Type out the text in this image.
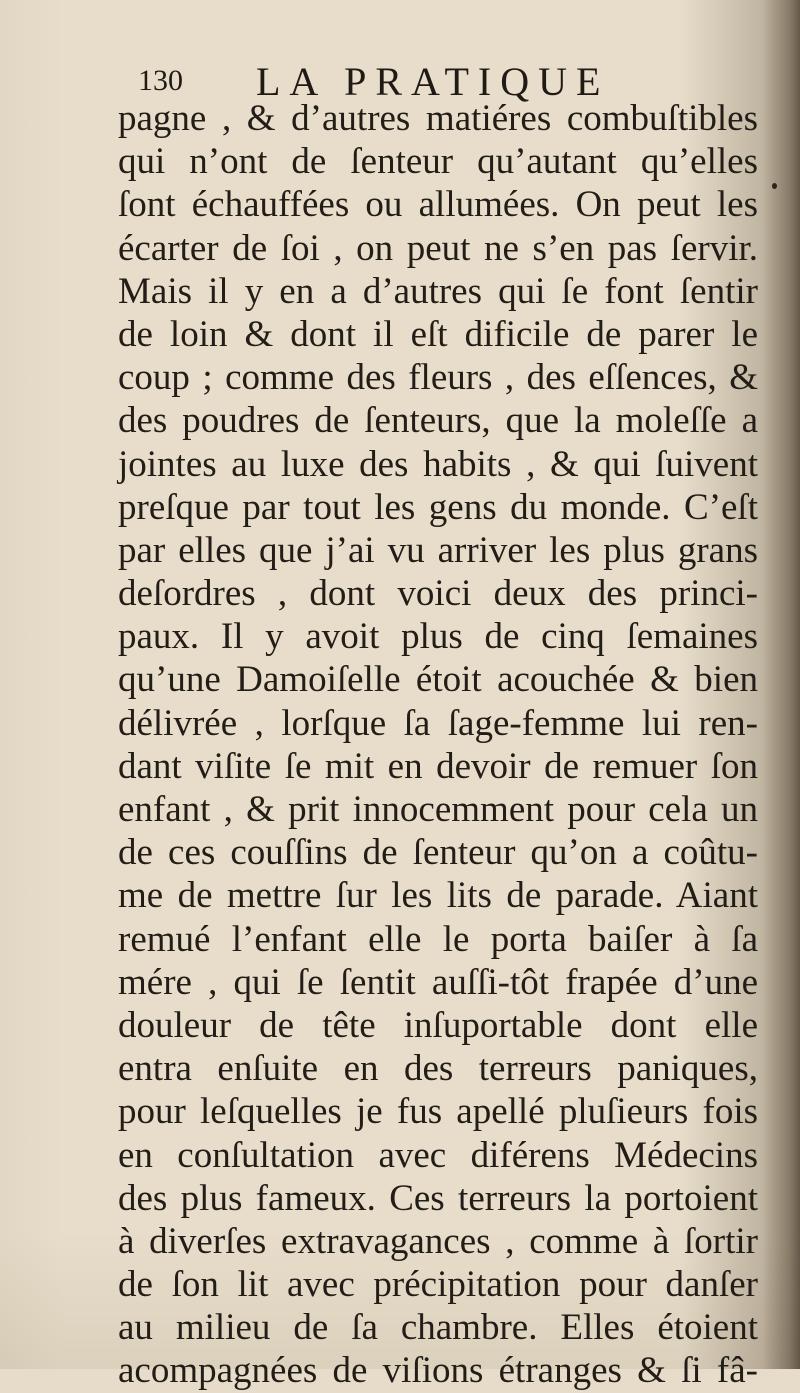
130 LA PRATIQUE
pagne , & d’autres matiéres combuſtibles
qui n’ont de ſenteur qu’autant qu’elles
ſont échauffées ou allumées. On peut les
écarter de ſoi , on peut ne s’en pas ſervir.
Mais il y en a d’autres qui ſe font ſentir
de loin & dont il eſt dificile de parer le
coup ; comme des fleurs , des eſſences, &
des poudres de ſenteurs, que la moleſſe a
jointes au luxe des habits , & qui ſuivent
preſque par tout les gens du monde. C’eſt
par elles que j’ai vu arriver les plus grans
deſordres , dont voici deux des princi-
paux. Il y avoit plus de cinq ſemaines
qu’une Damoiſelle étoit acouchée & bien
délivrée , lorſque ſa ſage-femme lui ren-
dant viſite ſe mit en devoir de remuer ſon
enfant , & prit innocemment pour cela un
de ces couſſins de ſenteur qu’on a coûtu-
me de mettre ſur les lits de parade. Aiant
remué l’enfant elle le porta baiſer à ſa
mére , qui ſe ſentit auſſi-tôt frapée d’une
douleur de tête inſuportable dont elle
entra enſuite en des terreurs paniques,
pour leſquelles je fus apellé pluſieurs fois
en conſultation avec diférens Médecins
des plus fameux. Ces terreurs la portoient
à diverſes extravagances , comme à ſortir
de ſon lit avec précipitation pour danſer
au milieu de ſa chambre. Elles étoient
acompagnées de viſions étranges & ſi fâ-
